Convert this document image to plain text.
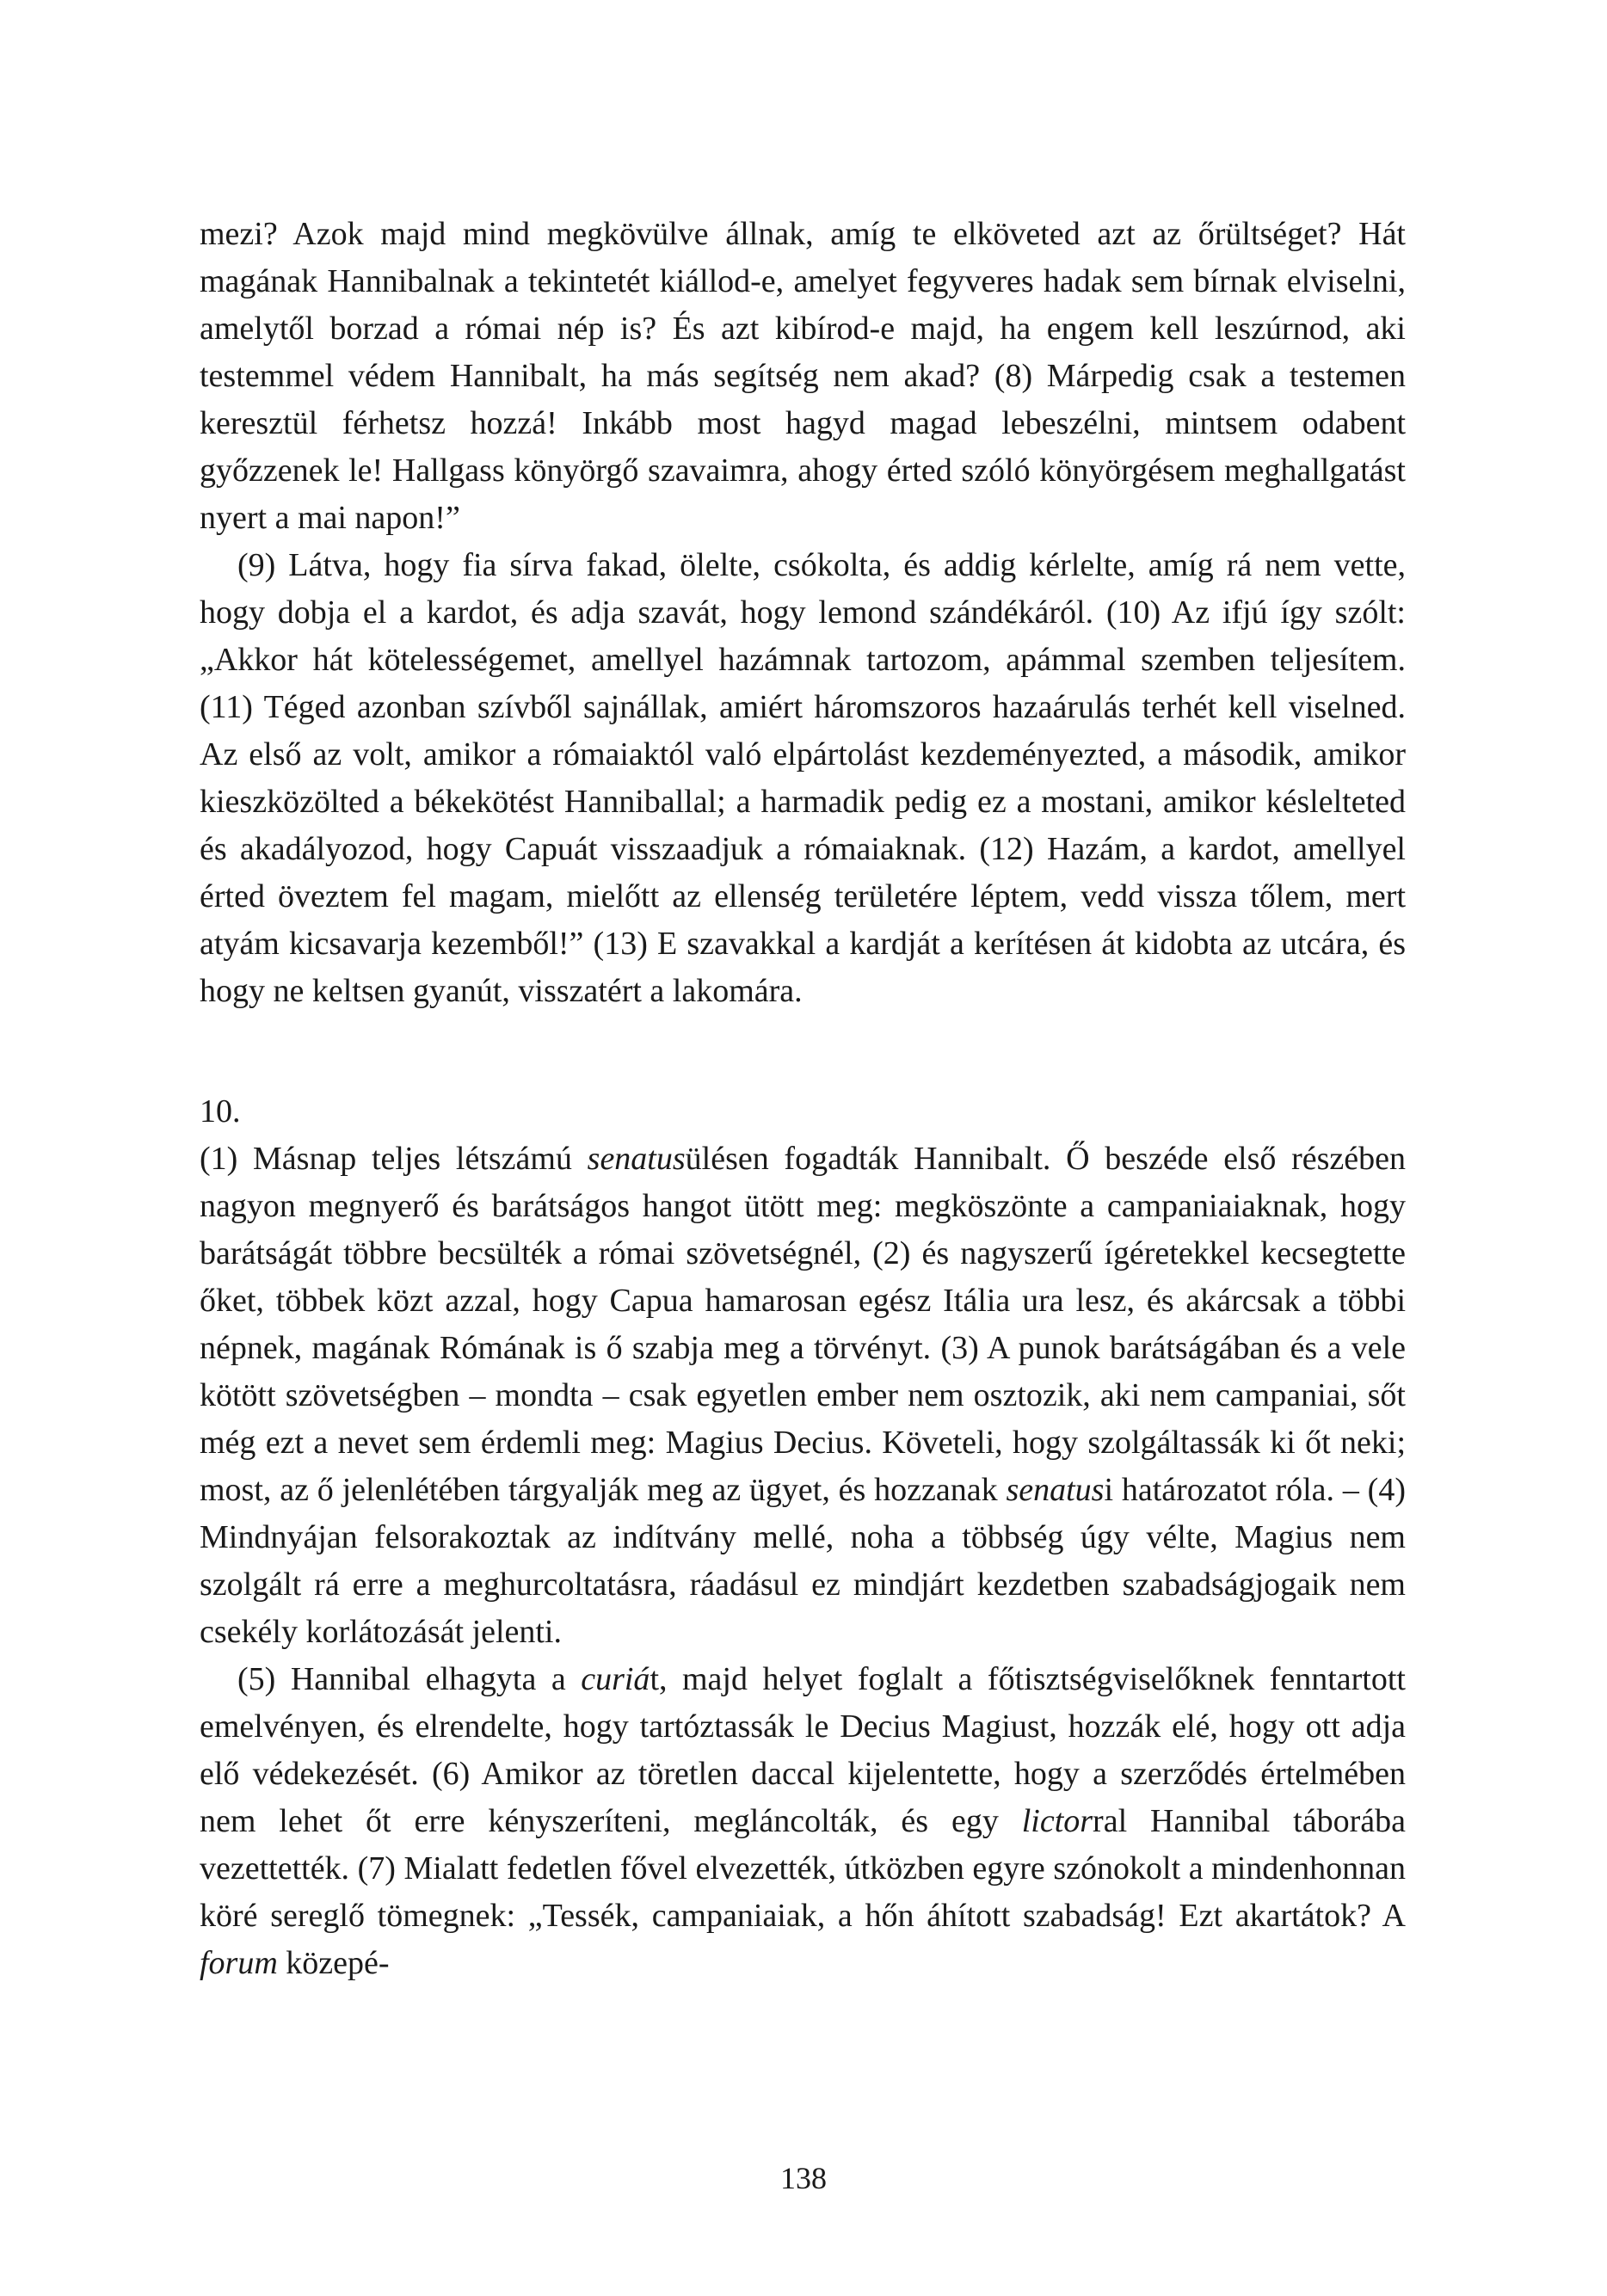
mezi? Azok majd mind megkövülve állnak, amíg te elköveted azt az őrültséget? Hát magának Hannibalnak a tekintetét kiállod-e, amelyet fegyveres hadak sem bírnak elviselni, amelytől borzad a római nép is? És azt kibírod-e majd, ha engem kell leszúrnod, aki testemmel védem Hannibalt, ha más segítség nem akad? (8) Márpedig csak a testemen keresztül férhetsz hozzá! Inkább most hagyd magad lebeszélni, mintsem odabent győzzenek le! Hallgass könyörgő szavaimra, ahogy érted szóló könyörgésem meghallgatást nyert a mai napon!”

(9) Látva, hogy fia sírva fakad, ölelte, csókolta, és addig kérlelte, amíg rá nem vette, hogy dobja el a kardot, és adja szavát, hogy lemond szándékáról. (10) Az ifjú így szólt: „Akkor hát kötelességemet, amellyel hazámnak tartozom, apámmal szemben teljesítem. (11) Téged azonban szívből sajnállak, amiért háromszoros hazaárulás terhét kell viselned. Az első az volt, amikor a rómaiaktól való elpártolást kezdeményezted, a második, amikor kieszközölted a békekötést Hanniballal; a harmadik pedig ez a mostani, amikor késlelteted és akadályozod, hogy Capuát visszaadjuk a rómaiaknak. (12) Hazám, a kardot, amellyel érted öveztem fel magam, mielőtt az ellenség területére léptem, vedd vissza tőlem, mert atyám kicsavarja kezemből!” (13) E szavakkal a kardját a kerítésen át kidobta az utcára, és hogy ne keltsen gyanút, visszatért a lakomára.

10.

(1) Másnap teljes létszámú senatusülésen fogadták Hannibalt. Ő beszéde első részében nagyon megnyerő és barátságos hangot ütött meg: megköszönte a campaniaiaknak, hogy barátságát többre becsülték a római szövetségnél, (2) és nagyszerű ígéretekkel kecsegtette őket, többek közt azzal, hogy Capua hamarosan egész Itália ura lesz, és akárcsak a többi népnek, magának Rómának is ő szabja meg a törvényt. (3) A punok barátságában és a vele kötött szövetségben – mondta – csak egyetlen ember nem osztozik, aki nem campaniai, sőt még ezt a nevet sem érdemli meg: Magius Decius. Követeli, hogy szolgáltassák ki őt neki; most, az ő jelenlétében tárgyalják meg az ügyet, és hozzanak senatusi határozatot róla. – (4) Mindnyájan felsorakoztak az indítvány mellé, noha a többség úgy vélte, Magius nem szolgált rá erre a meghurcoltatásra, ráadásul ez mindjárt kezdetben szabadságjogaik nem csekély korlátozását jelenti.

(5) Hannibal elhagyta a curiát, majd helyet foglalt a főtisztségviselőknek fenntartott emelvényen, és elrendelte, hogy tartóztassák le Decius Magiust, hozzák elé, hogy ott adja elő védekezését. (6) Amikor az töretlen daccal kijelentette, hogy a szerződés értelmében nem lehet őt erre kényszeríteni, megláncolták, és egy lictorral Hannibal táborába vezettették. (7) Mialatt fedetlen fővel elvezették, útközben egyre szónokolt a mindenhonnan köré sereglő tömegnek: „Tessék, campaniaiak, a hőn áhított szabadság! Ezt akartátok? A forum közepé-

138
